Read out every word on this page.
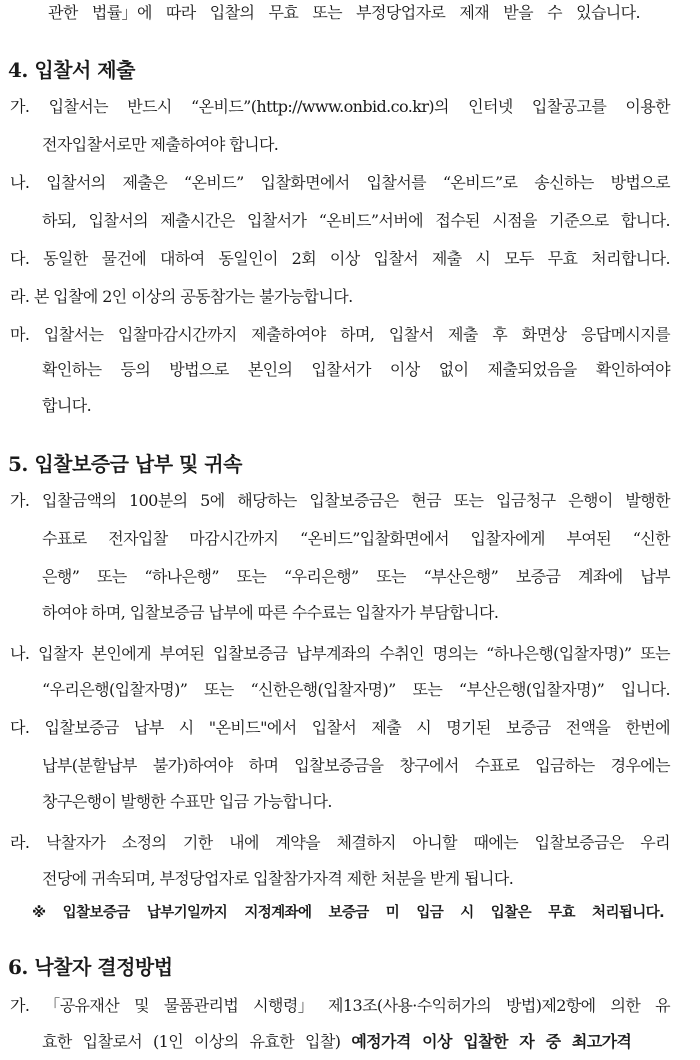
관한 법률」에 따라 입찰의 무효 또는 부정당업자로 제재 받을 수 있습니다.
4. 입찰서 제출
가. 입찰서는 반드시 “온비드”(http://www.onbid.co.kr)의 인터넷 입찰공고를 이용한
전자입찰서로만 제출하여야 합니다.
나. 입찰서의 제출은 “온비드” 입찰화면에서 입찰서를 “온비드”로 송신하는 방법으로
하되, 입찰서의 제출시간은 입찰서가 “온비드”서버에 접수된 시점을 기준으로 합니다.
다. 동일한 물건에 대하여 동일인이 2회 이상 입찰서 제출 시 모두 무효 처리합니다.
라. 본 입찰에 2인 이상의 공동참가는 불가능합니다.
마. 입찰서는 입찰마감시간까지 제출하여야 하며, 입찰서 제출 후 화면상 응답메시지를
확인하는 등의 방법으로 본인의 입찰서가 이상 없이 제출되었음을 확인하여야
합니다.
5. 입찰보증금 납부 및 귀속
가. 입찰금액의 100분의 5에 해당하는 입찰보증금은 현금 또는 입금청구 은행이 발행한
수표로 전자입찰 마감시간까지 “온비드”입찰화면에서 입찰자에게 부여된 “신한
은행” 또는 “하나은행” 또는 “우리은행” 또는 “부산은행” 보증금 계좌에 납부
하여야 하며, 입찰보증금 납부에 따른 수수료는 입찰자가 부담합니다.
나. 입찰자 본인에게 부여된 입찰보증금 납부계좌의 수취인 명의는 “하나은행(입찰자명)” 또는
“우리은행(입찰자명)” 또는 “신한은행(입찰자명)” 또는 “부산은행(입찰자명)” 입니다.
다. 입찰보증금 납부 시 "온비드"에서 입찰서 제출 시 명기된 보증금 전액을 한번에
납부(분할납부 불가)하여야 하며 입찰보증금을 창구에서 수표로 입금하는 경우에는
창구은행이 발행한 수표만 입금 가능합니다.
라. 낙찰자가 소정의 기한 내에 계약을 체결하지 아니할 때에는 입찰보증금은 우리
전당에 귀속되며, 부정당업자로 입찰참가자격 제한 처분을 받게 됩니다.
※ 입찰보증금 납부기일까지 지정계좌에 보증금 미 입금 시 입찰은 무효 처리됩니다.
6. 낙찰자 결정방법
가. 「공유재산 및 물품관리법 시행령」 제13조(사용·수익허가의 방법)제2항에 의한 유
효한 입찰로서 (1인 이상의 유효한 입찰) 예정가격 이상 입찰한 자 중 최고가격
